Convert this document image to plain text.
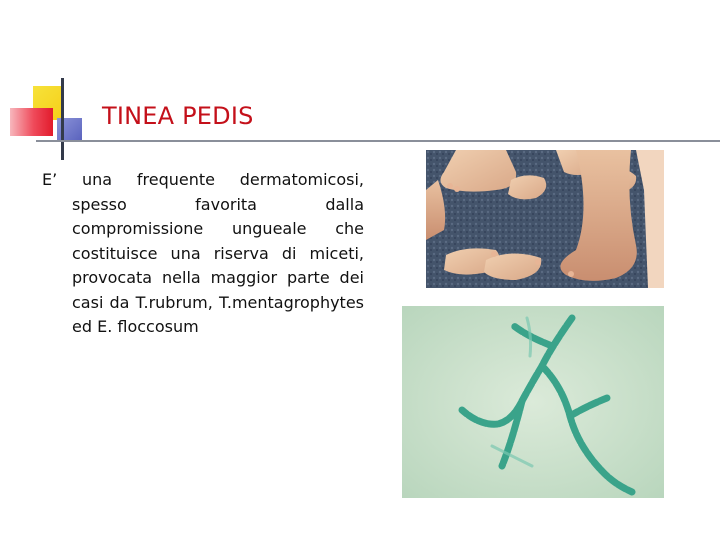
TINEA PEDIS
E’ una frequente dermatomicosi, spesso favorita dalla compromissione ungueale che costituisce una riserva di miceti, provocata nella maggior parte dei casi da T.rubrum, T.mentagrophytes ed E. floccosum
